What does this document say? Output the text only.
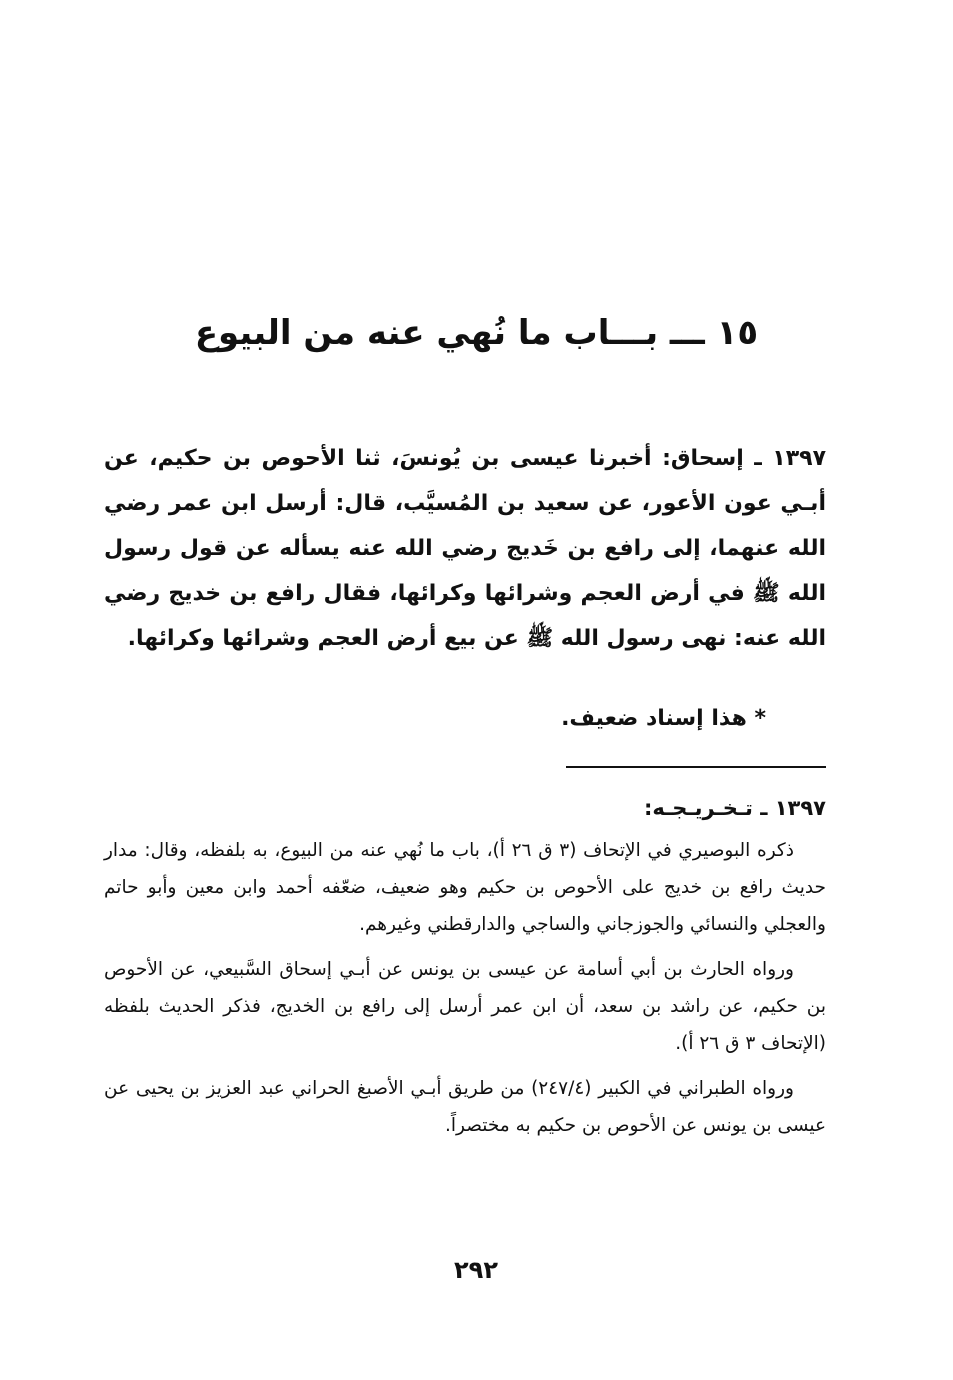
١٥ ـــ بـــاب ما نُهي عنه من البيوع

١٣٩٧ ـ إسحاق: أخبرنا عيسى بن يُونسَ، ثنا الأحوص بن حكيم، عن أبـي عون الأعور، عن سعيد بن المُسيَّب، قال: أرسل ابن عمر رضي الله عنهما، إلى رافع بن خَديج رضي الله عنه يسأله عن قول رسول الله ﷺ في أرض العجم وشرائها وكرائها، فقال رافع بن خديج رضي الله عنه: نهى رسول الله ﷺ عن بيع أرض العجم وشرائها وكرائها.

* هذا إسناد ضعيف.

١٣٩٧ ـ تـخـريـجـه:

ذكره البوصيري في الإتحاف (٣ ق ٢٦ أ)، باب ما نُهي عنه من البيوع، به بلفظه، وقال: مدار حديث رافع بن خديج على الأحوص بن حكيم وهو ضعيف، ضعّفه أحمد وابن معين وأبو حاتم والعجلي والنسائي والجوزجاني والساجي والدارقطني وغيرهم.

ورواه الحارث بن أبي أسامة عن عيسى بن يونس عن أبـي إسحاق السَّبيعي، عن الأحوص بن حكيم، عن راشد بن سعد، أن ابن عمر أرسل إلى رافع بن الخديج، فذكر الحديث بلفظه (الإتحاف ٣ ق ٢٦ أ).

ورواه الطبراني في الكبير (٢٤٧/٤) من طريق أبـي الأصبغ الحراني عبد العزيز بن يحيى عن عيسى بن يونس عن الأحوص بن حكيم به مختصراً.

٢٩٢
